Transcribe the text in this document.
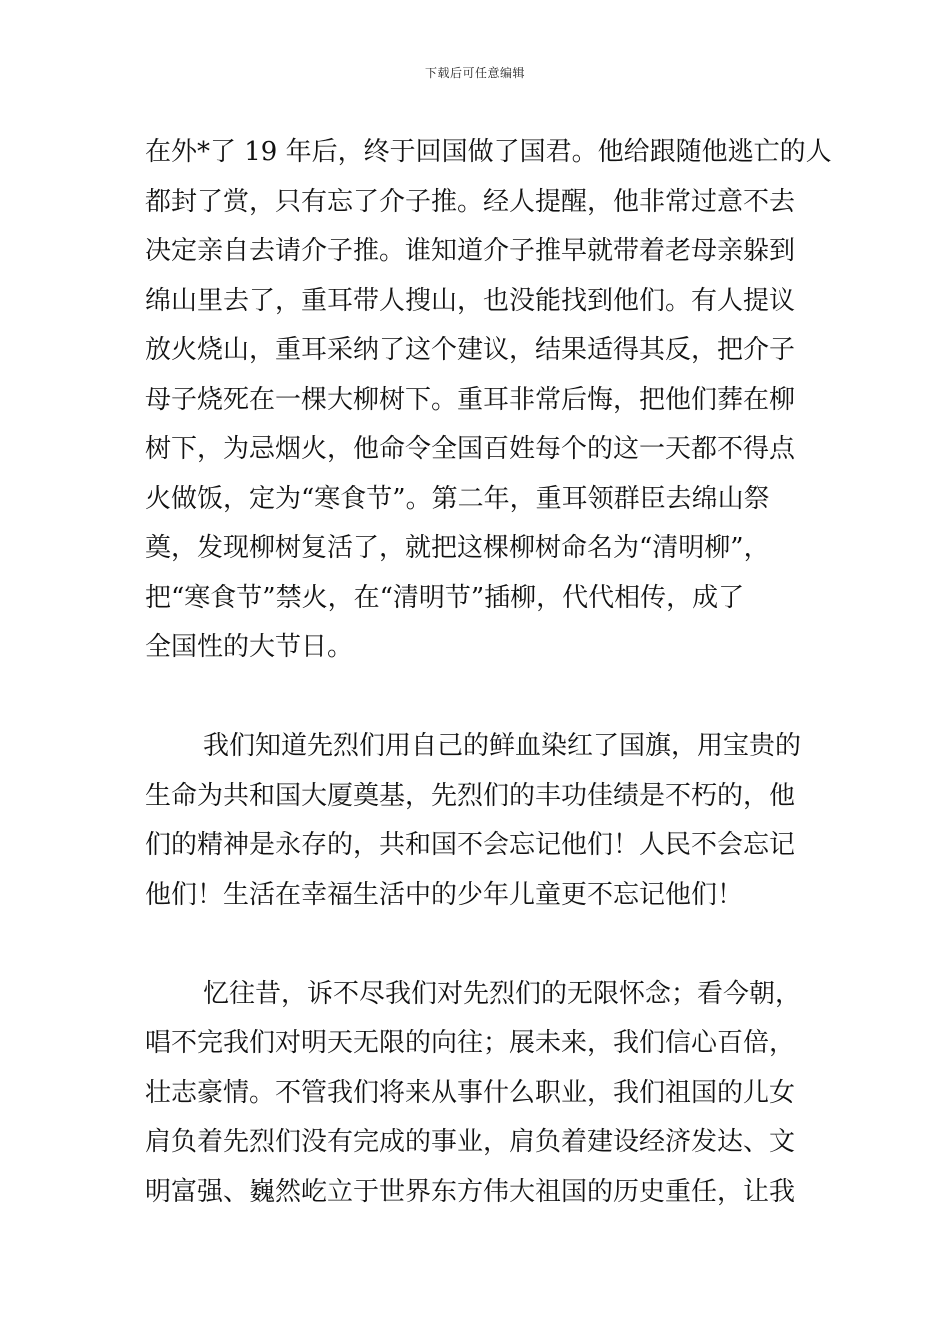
下载后可任意编辑
在外*了 19 年后，终于回国做了国君。他给跟随他逃亡的人
都封了赏，只有忘了介子推。经人提醒，他非常过意不去
决定亲自去请介子推。谁知道介子推早就带着老母亲躲到
绵山里去了，重耳带人搜山，也没能找到他们。有人提议
放火烧山，重耳采纳了这个建议，结果适得其反，把介子
母子烧死在一棵大柳树下。重耳非常后悔，把他们葬在柳
树下，为忌烟火，他命令全国百姓每个的这一天都不得点
火做饭，定为“寒食节”。第二年，重耳领群臣去绵山祭
奠，发现柳树复活了，就把这棵柳树命名为“清明柳”，
把“寒食节”禁火，在“清明节”插柳，代代相传，成了
全国性的大节日。
我们知道先烈们用自己的鲜血染红了国旗，用宝贵的
生命为共和国大厦奠基，先烈们的丰功佳绩是不朽的，他
们的精神是永存的，共和国不会忘记他们！人民不会忘记
他们！生活在幸福生活中的少年儿童更不忘记他们！
忆往昔，诉不尽我们对先烈们的无限怀念；看今朝，
唱不完我们对明天无限的向往；展未来，我们信心百倍，
壮志豪情。不管我们将来从事什么职业，我们祖国的儿女
肩负着先烈们没有完成的事业，肩负着建设经济发达、文
明富强、巍然屹立于世界东方伟大祖国的历史重任，让我
